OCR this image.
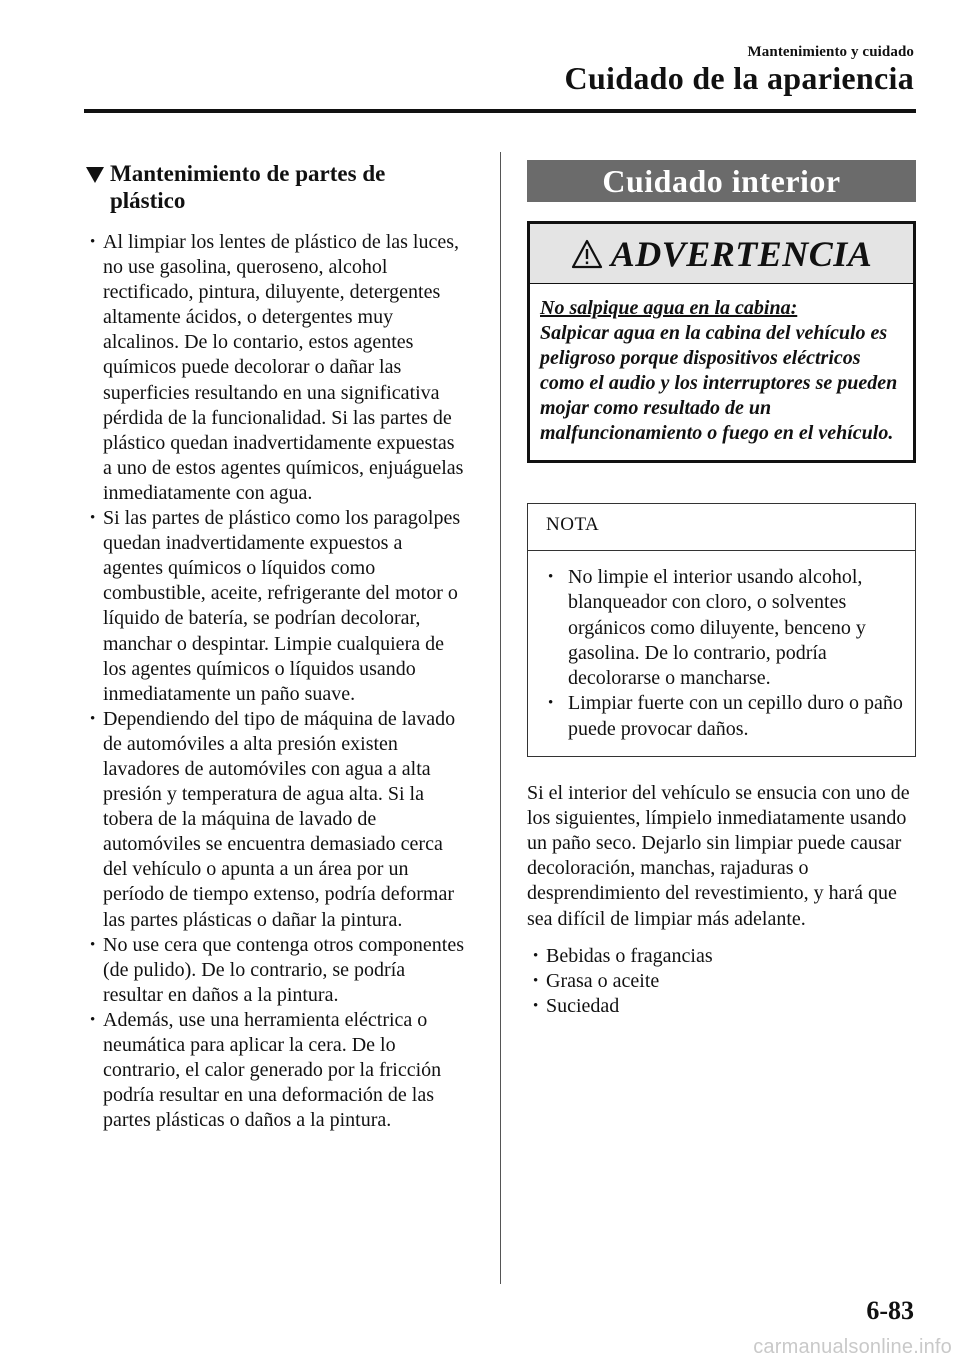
Mantenimiento y cuidado
Cuidado de la apariencia
Mantenimiento de partes de plástico
• Al limpiar los lentes de plástico de las luces, no use gasolina, queroseno, alcohol rectificado, pintura, diluyente, detergentes altamente ácidos, o detergentes muy alcalinos. De lo contario, estos agentes químicos puede decolorar o dañar las superficies resultando en una significativa pérdida de la funcionalidad. Si las partes de plástico quedan inadvertidamente expuestas a uno de estos agentes químicos, enjuáguelas inmediatamente con agua.
• Si las partes de plástico como los paragolpes quedan inadvertidamente expuestos a agentes químicos o líquidos como combustible, aceite, refrigerante del motor o líquido de batería, se podrían decolorar, manchar o despintar. Limpie cualquiera de los agentes químicos o líquidos usando inmediatamente un paño suave.
• Dependiendo del tipo de máquina de lavado de automóviles a alta presión existen lavadores de automóviles con agua a alta presión y temperatura de agua alta. Si la tobera de la máquina de lavado de automóviles se encuentra demasiado cerca del vehículo o apunta a un área por un período de tiempo extenso, podría deformar las partes plásticas o dañar la pintura.
• No use cera que contenga otros componentes (de pulido). De lo contrario, se podría resultar en daños a la pintura.
• Además, use una herramienta eléctrica o neumática para aplicar la cera. De lo contrario, el calor generado por la fricción podría resultar en una deformación de las partes plásticas o daños a la pintura.
Cuidado interior
ADVERTENCIA
No salpique agua en la cabina:
Salpicar agua en la cabina del vehículo es peligroso porque dispositivos eléctricos como el audio y los interruptores se pueden mojar como resultado de un malfuncionamiento o fuego en el vehículo.
NOTA
• No limpie el interior usando alcohol, blanqueador con cloro, o solventes orgánicos como diluyente, benceno y gasolina. De lo contrario, podría decolorarse o mancharse.
• Limpiar fuerte con un cepillo duro o paño puede provocar daños.
Si el interior del vehículo se ensucia con uno de los siguientes, límpielo inmediatamente usando un paño seco. Dejarlo sin limpiar puede causar decoloración, manchas, rajaduras o desprendimiento del revestimiento, y hará que sea difícil de limpiar más adelante.
• Bebidas o fragancias
• Grasa o aceite
• Suciedad
6-83
carmanualsonline.info
